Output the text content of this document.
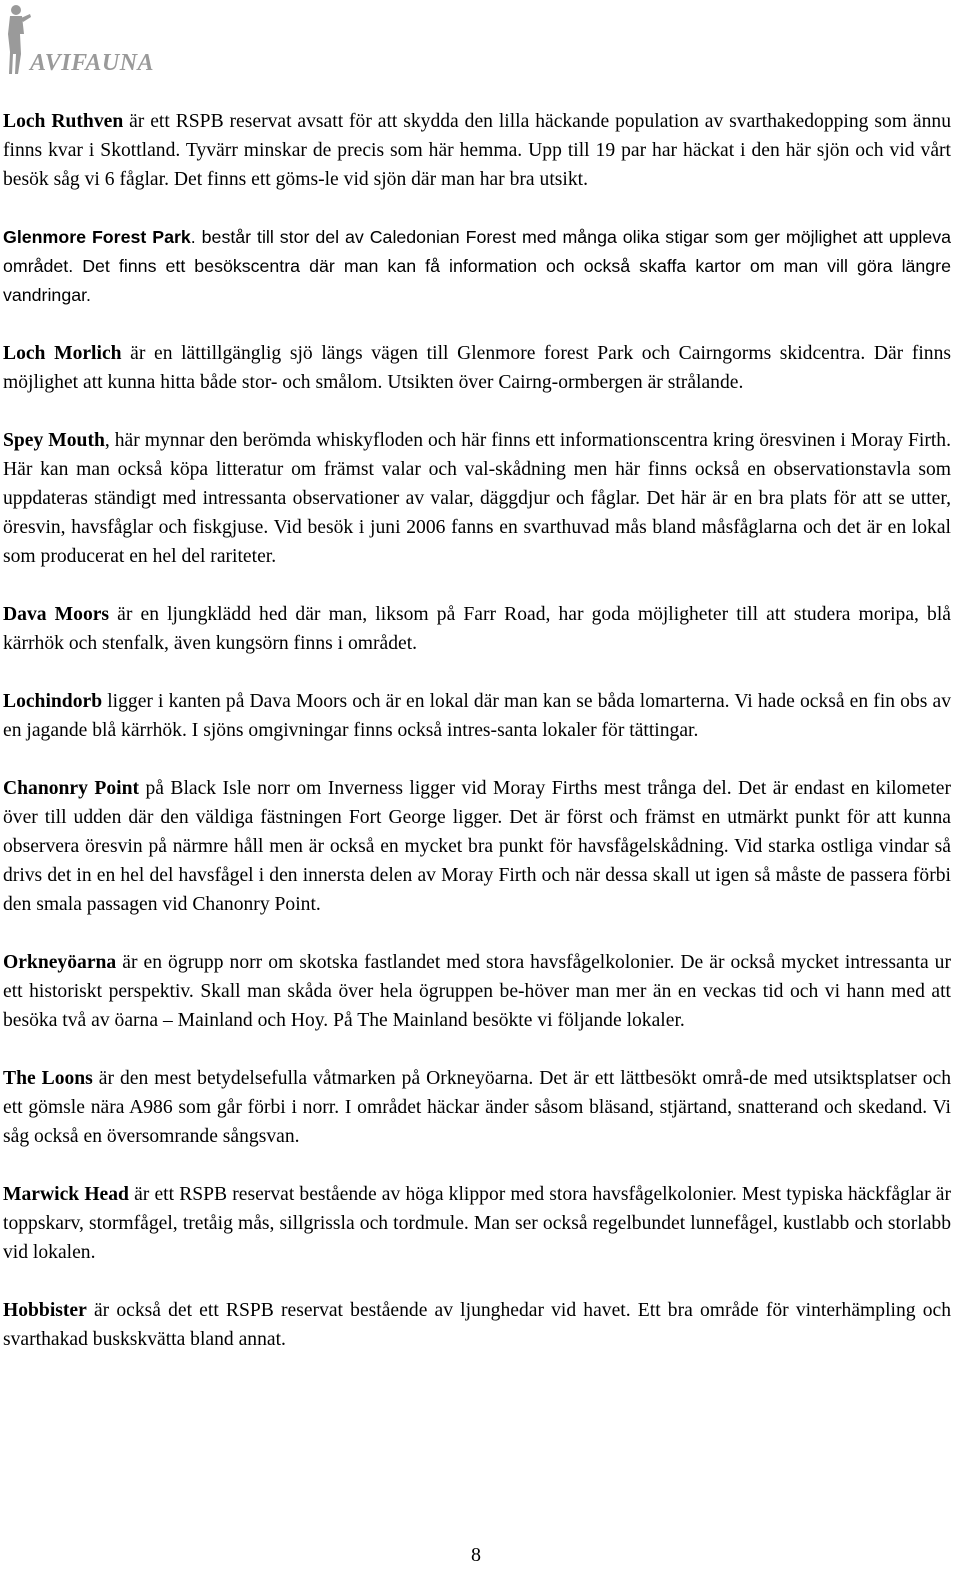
AVIFAUNA

Loch Ruthven är ett RSPB reservat avsatt för att skydda den lilla häckande population av svarthakedopping som ännu finns kvar i Skottland. Tyvärr minskar de precis som här hemma. Upp till 19 par har häckat i den här sjön och vid vårt besök såg vi 6 fåglar. Det finns ett göms-le vid sjön där man har bra utsikt.

Glenmore Forest Park. består till stor del av Caledonian Forest med många olika stigar som ger möjlighet att uppleva området. Det finns ett besökscentra där man kan få information och också skaffa kartor om man vill göra längre vandringar.

Loch Morlich är en lättillgänglig sjö längs vägen till Glenmore forest Park och Cairngorms skidcentra. Där finns möjlighet att kunna hitta både stor- och smålom. Utsikten över Cairng-ormbergen är strålande.

Spey Mouth, här mynnar den berömda whiskyfloden och här finns ett informationscentra kring öresvinen i Moray Firth. Här kan man också köpa litteratur om främst valar och val-skådning men här finns också en observationstavla som uppdateras ständigt med intressanta observationer av valar, däggdjur och fåglar. Det här är en bra plats för att se utter, öresvin, havsfåglar och fiskgjuse. Vid besök i juni 2006 fanns en svarthuvad mås bland måsfåglarna och det är en lokal som producerat en hel del rariteter.

Dava Moors är en ljungklädd hed där man, liksom på Farr Road, har goda möjligheter till att studera moripa, blå kärrhök och stenfalk, även kungsörn finns i området.

Lochindorb ligger i kanten på Dava Moors och är en lokal där man kan se båda lomarterna. Vi hade också en fin obs av en jagande blå kärrhök. I sjöns omgivningar finns också intres-santa lokaler för tättingar.

Chanonry Point på Black Isle norr om Inverness ligger vid Moray Firths mest trånga del. Det är endast en kilometer över till udden där den väldiga fästningen Fort George ligger. Det är först och främst en utmärkt punkt för att kunna observera öresvin på närmre håll men är också en mycket bra punkt för havsfågelskådning. Vid starka ostliga vindar så drivs det in en hel del havsfågel i den innersta delen av Moray Firth och när dessa skall ut igen så måste de passera förbi den smala passagen vid Chanonry Point.

Orkneyöarna är en ögrupp norr om skotska fastlandet med stora havsfågelkolonier. De är också mycket intressanta ur ett historiskt perspektiv. Skall man skåda över hela ögruppen be-höver man mer än en veckas tid och vi hann med att besöka två av öarna – Mainland och Hoy. På The Mainland besökte vi följande lokaler.

The Loons är den mest betydelsefulla våtmarken på Orkneyöarna. Det är ett lättbesökt områ-de med utsiktsplatser och ett gömsle nära A986 som går förbi i norr. I området häckar änder såsom bläsand, stjärtand, snatterand och skedand. Vi såg också en översomrande sångsvan.

Marwick Head är ett RSPB reservat bestående av höga klippor med stora havsfågelkolonier. Mest typiska häckfåglar är toppskarv, stormfågel, tretåig mås, sillgrissla och tordmule. Man ser också regelbundet lunnefågel, kustlabb och storlabb vid lokalen.

Hobbister är också det ett RSPB reservat bestående av ljunghedar vid havet. Ett bra område för vinterhämpling och svarthakad buskskvätta bland annat.

8
